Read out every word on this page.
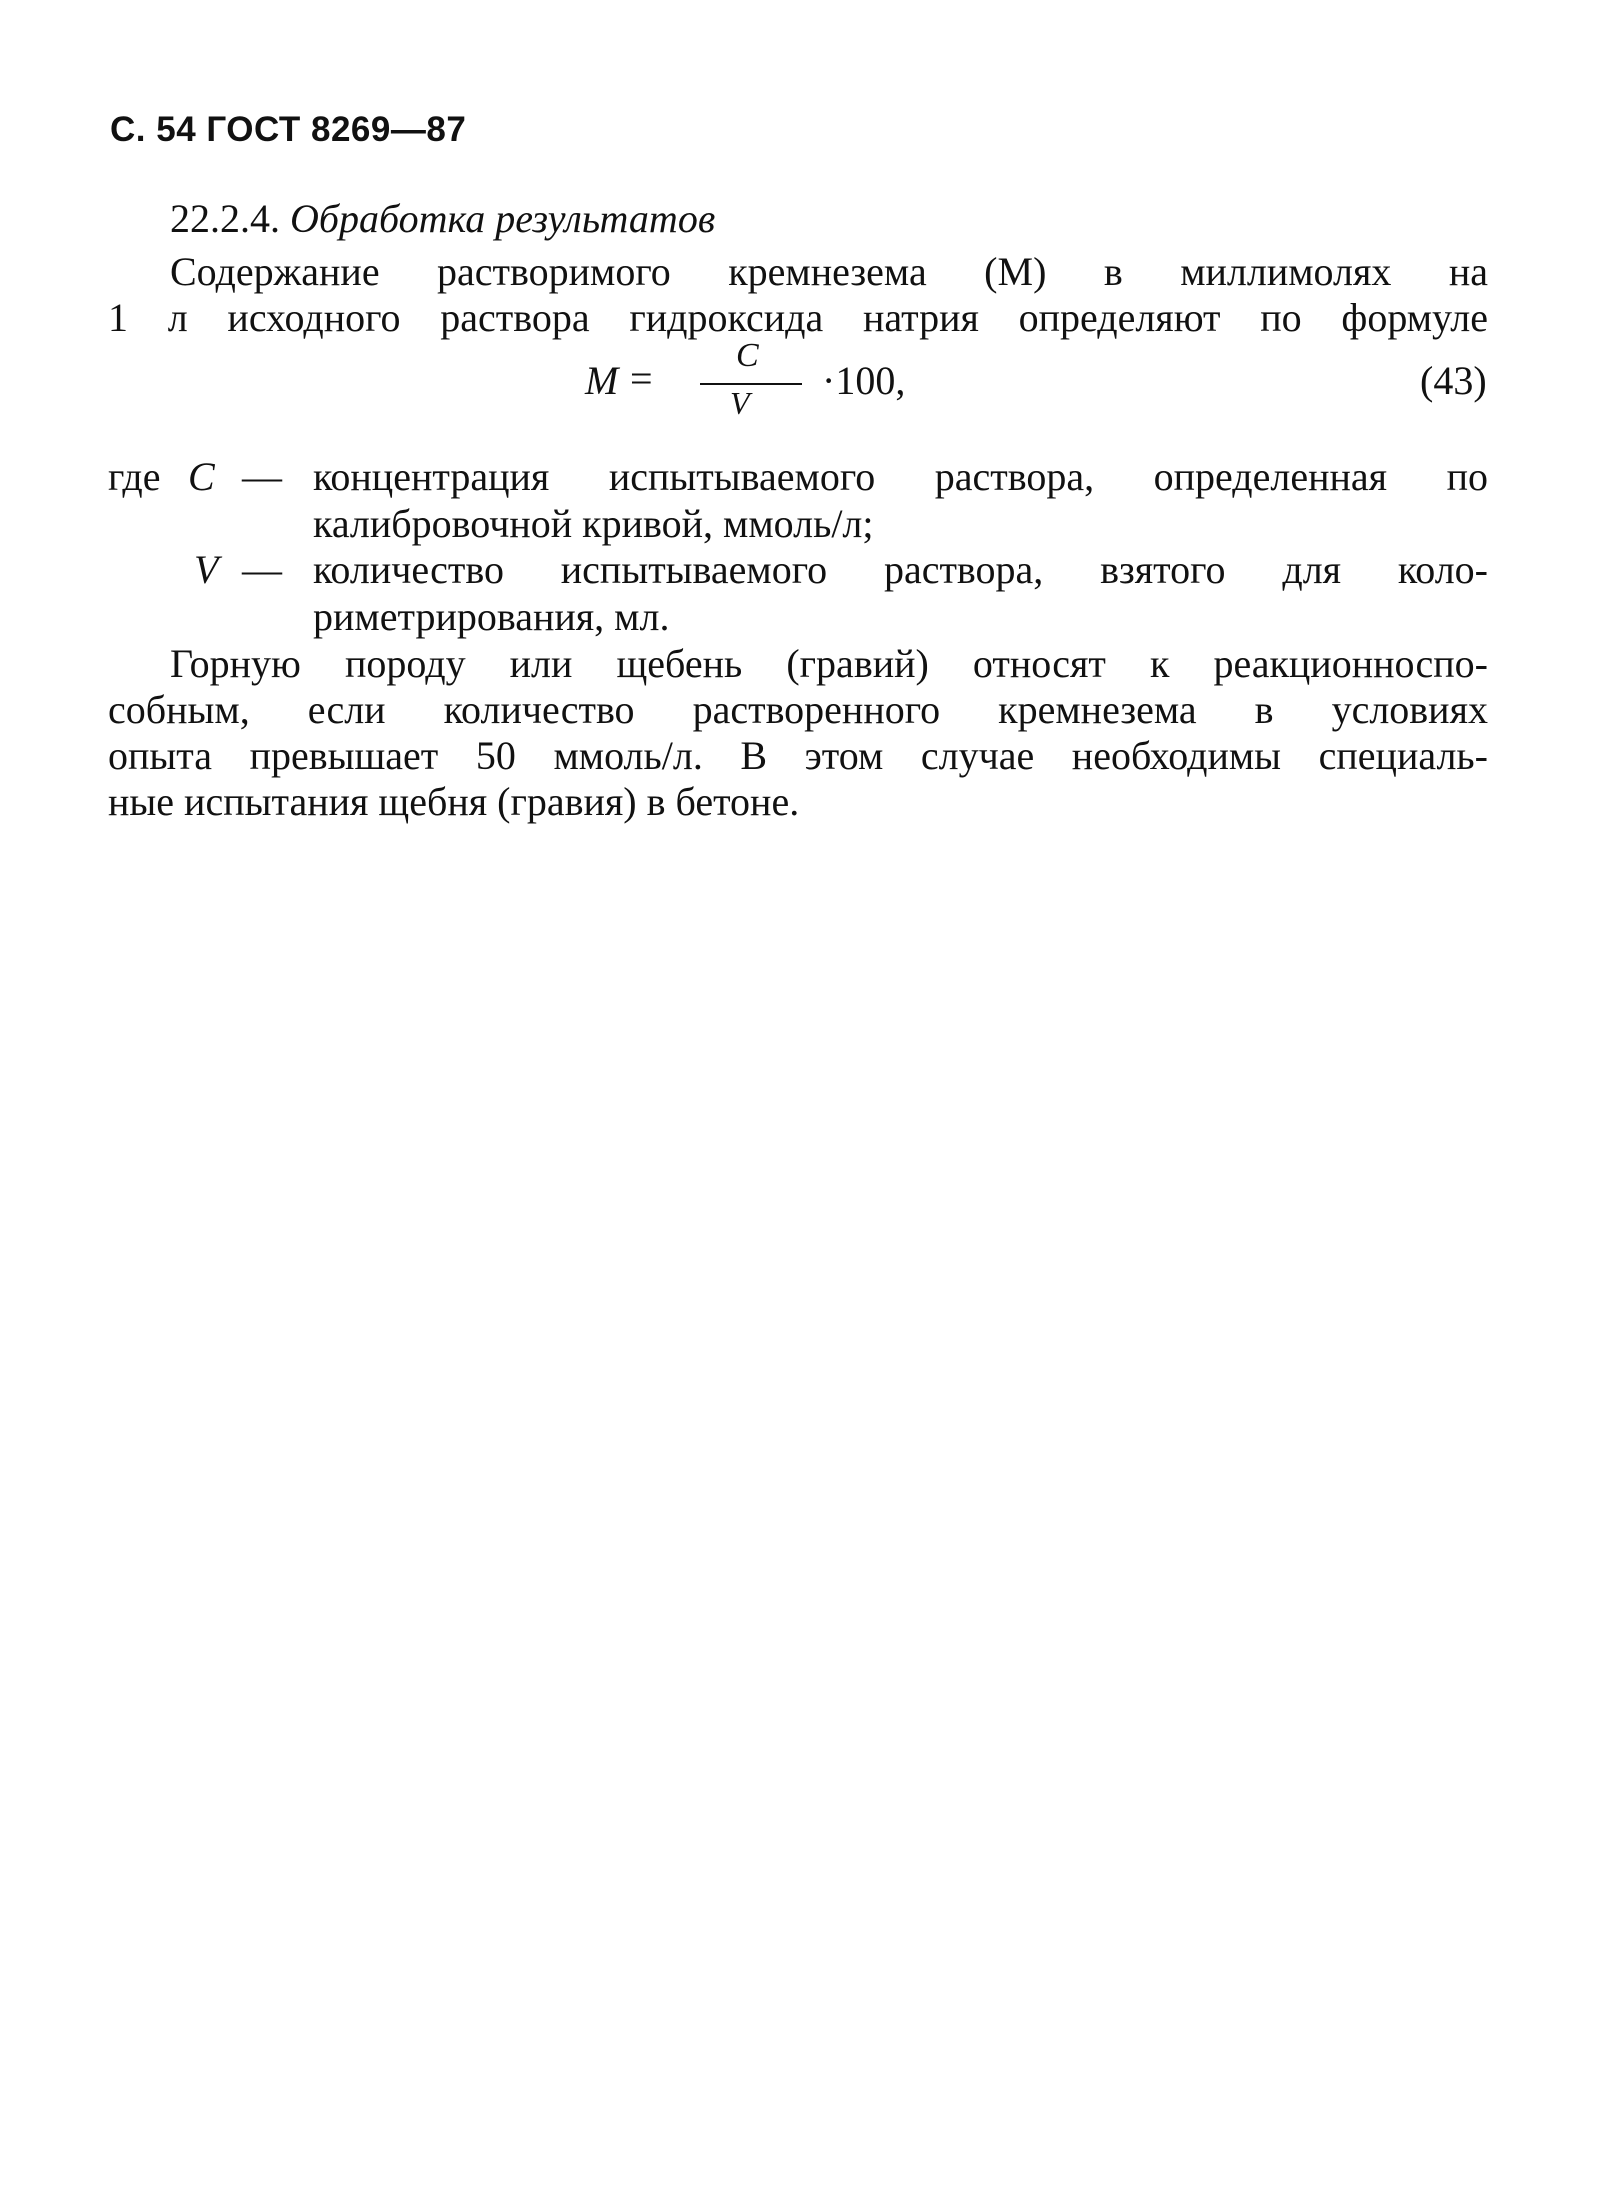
С. 54 ГОСТ 8269—87
22.2.4. Обработка результатов
Содержание растворимого кремнезема (M) в миллимолях на
1 л исходного раствора гидроксида натрия определяют по формуле
M =
C
V ·100,	(43)
где C — концентрация испытываемого раствора, определенная по
калибровочной кривой, ммоль/л;
V — количество испытываемого раствора, взятого для коло-
риметрирования, мл.
Горную породу или щебень (гравий) относят к реакционноспо-
собным, если количество растворенного кремнезема в условиях
опыта превышает 50 ммоль/л. В этом случае необходимы специаль-
ные испытания щебня (гравия) в бетоне.
